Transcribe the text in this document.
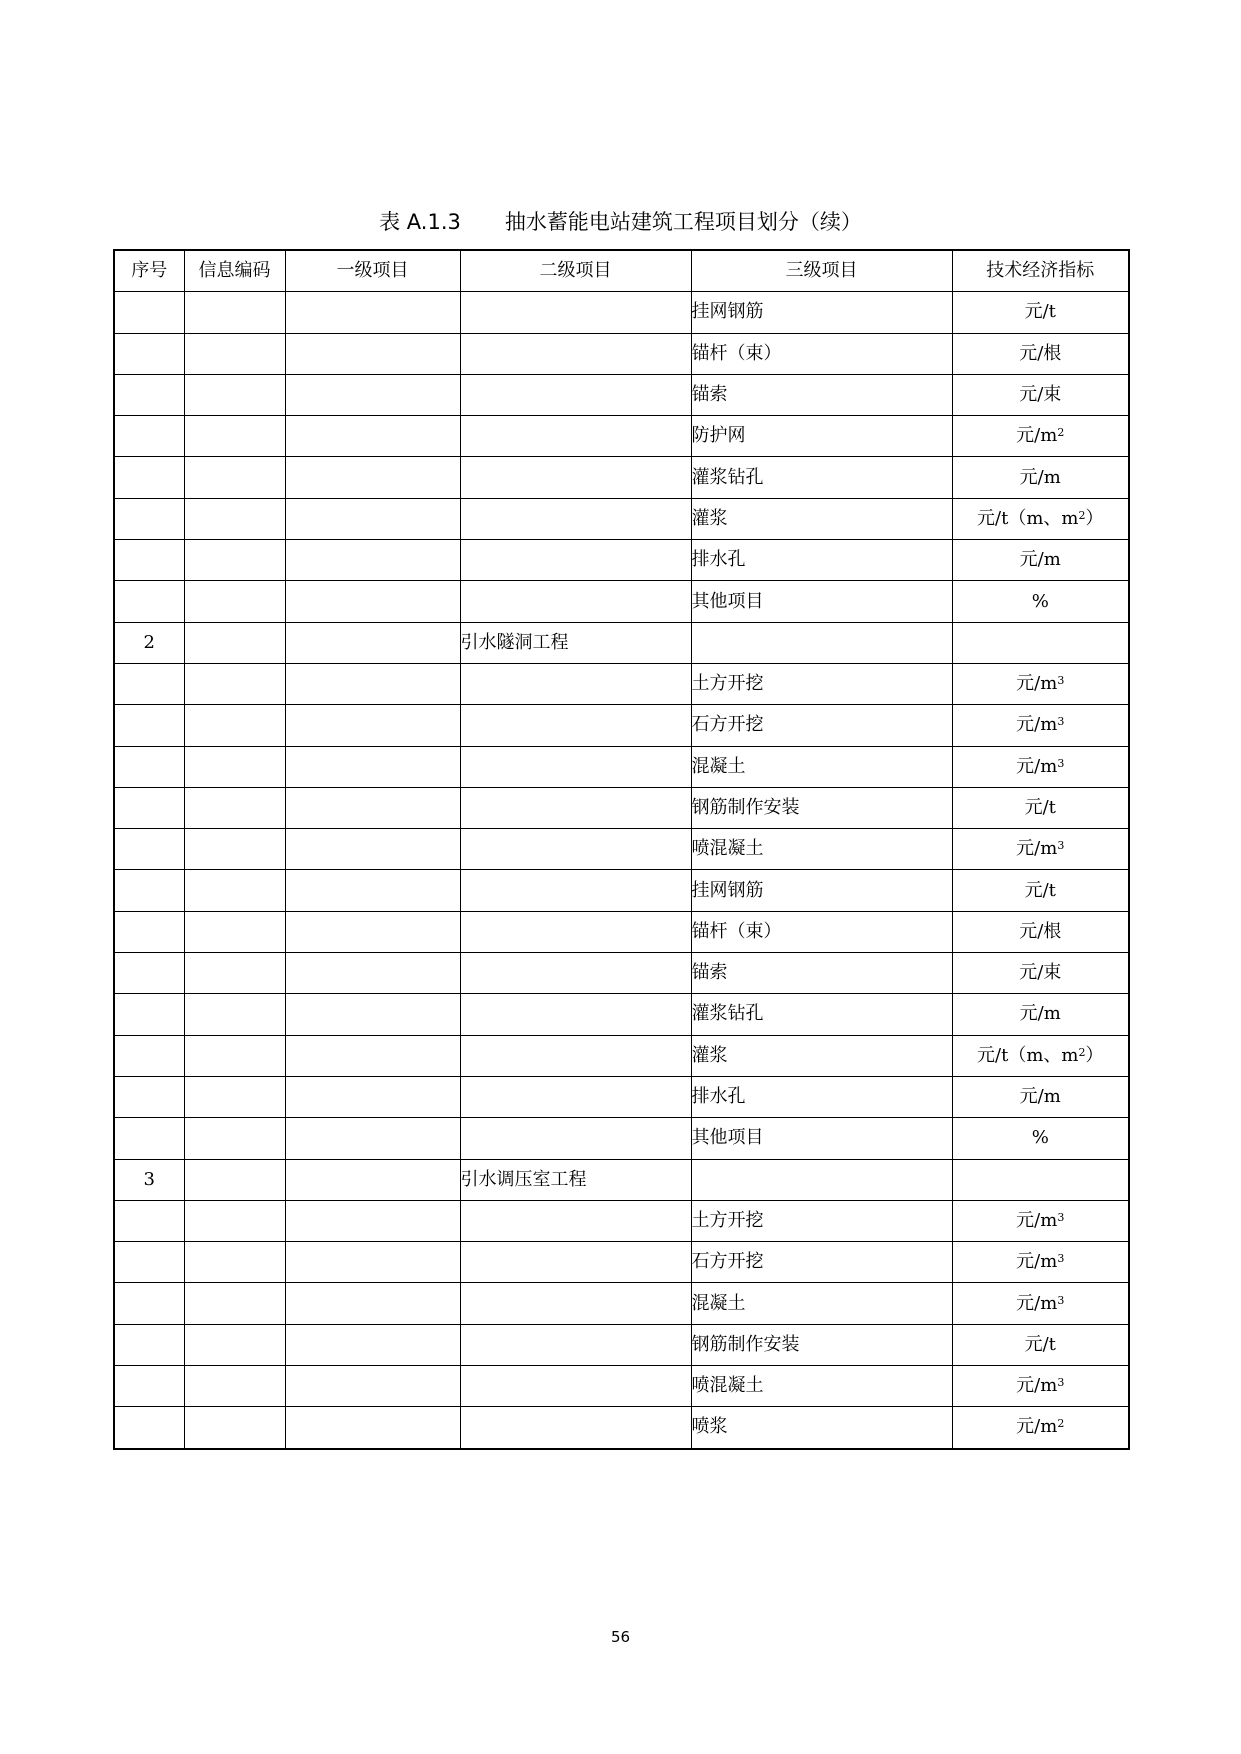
表 A.1.3 抽水蓄能电站建筑工程项目划分（续）
序号	信息编码	一级项目	二级项目	三级项目	技术经济指标
				挂网钢筋	元/t
				锚杆（束）	元/根
				锚索	元/束
				防护网	元$/m^2$
				灌浆钻孔	元/m
				灌浆	元/t（m、$m^2$）
				排水孔	元/m
				其他项目	%
2			引水隧洞工程		
				土方开挖	元$/m^3$
				石方开挖	元$/m^3$
				混凝土	元$/m^3$
				钢筋制作安装	元/t
				喷混凝土	元$/m^3$
				挂网钢筋	元/t
				锚杆（束）	元/根
				锚索	元/束
				灌浆钻孔	元/m
				灌浆	元/t（m、$m^2$）
				排水孔	元/m
				其他项目	%
3			引水调压室工程		
				土方开挖	元$/m^3$
				石方开挖	元$/m^3$
				混凝土	元$/m^3$
				钢筋制作安装	元/t
				喷混凝土	元$/m^3$
				喷浆	元$/m^2$
56
